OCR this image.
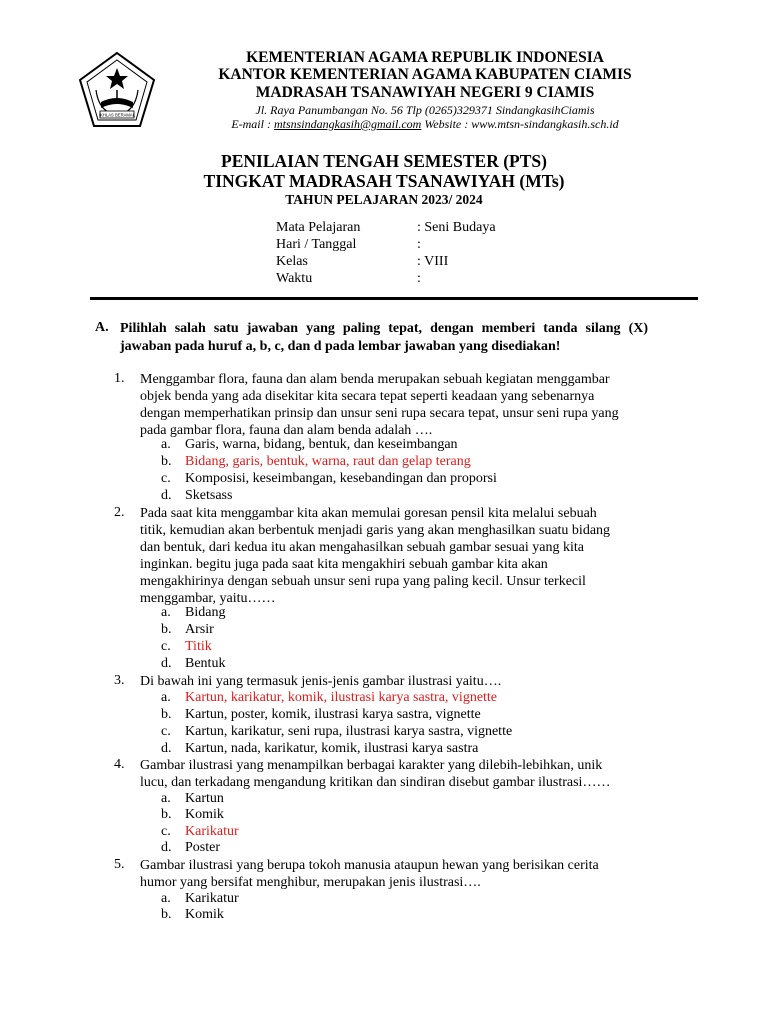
IKHLAS BERAMAL
KEMENTERIAN AGAMA REPUBLIK INDONESIA
KANTOR KEMENTERIAN AGAMA KABUPATEN CIAMIS
MADRASAH TSANAWIYAH NEGERI 9 CIAMIS
Jl. Raya Panumbangan No. 56 Tlp (0265)329371 SindangkasihCiamis
E-mail : mtsnsindangkasih@gmail.com Website : www.mtsn-sindangkasih.sch.id
PENILAIAN TENGAH SEMESTER (PTS)
TINGKAT MADRASAH TSANAWIYAH (MTs)
TAHUN PELAJARAN 2023/ 2024
Mata Pelajaran	: Seni Budaya
Hari / Tanggal	:
Kelas	: VIII
Waktu	:
A. Pilihlah salah satu jawaban yang paling tepat, dengan memberi tanda silang (X) jawaban pada huruf a, b, c, dan d pada lembar jawaban yang disediakan!
1. Menggambar flora, fauna dan alam benda merupakan sebuah kegiatan menggambar
objek benda yang ada disekitar kita secara tepat seperti keadaan yang sebenarnya
dengan memperhatikan prinsip dan unsur seni rupa secara tepat, unsur seni rupa yang
pada gambar flora, fauna dan alam benda adalah ….
a. Garis, warna, bidang, bentuk, dan keseimbangan
b. Bidang, garis, bentuk, warna, raut dan gelap terang
c. Komposisi, keseimbangan, kesebandingan dan proporsi
d. Sketsass
2. Pada saat kita menggambar kita akan memulai goresan pensil kita melalui sebuah
titik, kemudian akan berbentuk menjadi garis yang akan menghasilkan suatu bidang
dan bentuk, dari kedua itu akan mengahasilkan sebuah gambar sesuai yang kita
inginkan. begitu juga pada saat kita mengakhiri sebuah gambar kita akan
mengakhirinya dengan sebuah unsur seni rupa yang paling kecil. Unsur terkecil
menggambar, yaitu……
a. Bidang
b. Arsir
c. Titik
d. Bentuk
3. Di bawah ini yang termasuk jenis-jenis gambar ilustrasi yaitu….
a. Kartun, karikatur, komik, ilustrasi karya sastra, vignette
b. Kartun, poster, komik, ilustrasi karya sastra, vignette
c. Kartun, karikatur, seni rupa, ilustrasi karya sastra, vignette
d. Kartun, nada, karikatur, komik, ilustrasi karya sastra
4. Gambar ilustrasi yang menampilkan berbagai karakter yang dilebih-lebihkan, unik
lucu, dan terkadang mengandung kritikan dan sindiran disebut gambar ilustrasi……
a. Kartun
b. Komik
c. Karikatur
d. Poster
5. Gambar ilustrasi yang berupa tokoh manusia ataupun hewan yang berisikan cerita
humor yang bersifat menghibur, merupakan jenis ilustrasi….
a. Karikatur
b. Komik
